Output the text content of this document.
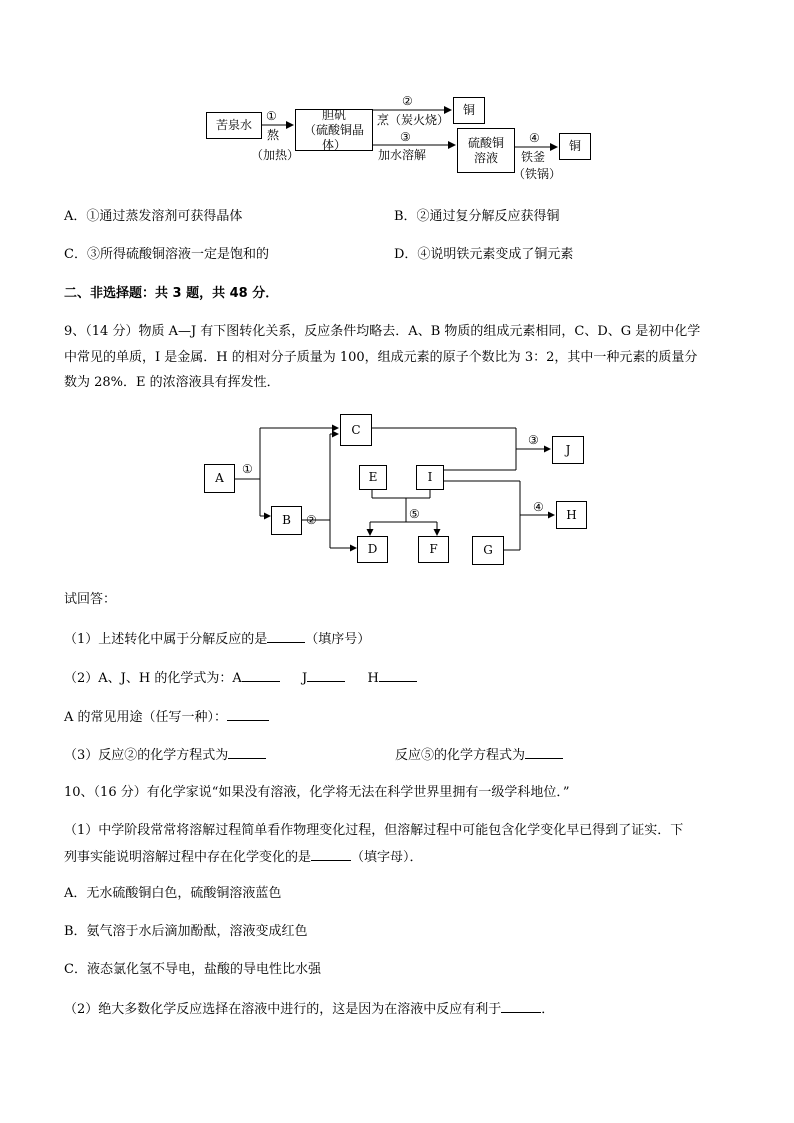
苦泉水
胆矾
（硫酸铜晶体）
铜
硫酸铜
溶液
铜
①
熬
（加热）
②
烹（炭火烧）
③
加水溶解
④
铁釜
（铁锅）
A．①通过蒸发溶剂可获得晶体	B．②通过复分解反应获得铜
C．③所得硫酸铜溶液一定是饱和的	D．④说明铁元素变成了铜元素
二、非选择题：共 3 题，共 48 分．
9、（14 分）物质 A—J 有下图转化关系，反应条件均略去．A、B 物质的组成元素相同，C、D、G 是初中化学
中常见的单质，I 是金属．H 的相对分子质量为 100，组成元素的原子个数比为 3：2，其中一种元素的质量分
数为 28%．E 的浓溶液具有挥发性．
A
B
C
D
E
F	G
H
I
J
①
②
③
④
⑤
试回答：
（1）上述转化中属于分解反应的是	（填序号）
（2）A、J、H 的化学式为：A	J	H
A 的常见用途（任写一种）：
（3）反应②的化学方程式为	反应⑤的化学方程式为
10、（16 分）有化学家说“如果没有溶液，化学将无法在科学世界里拥有一级学科地位．”
（1）中学阶段常常将溶解过程简单看作物理变化过程，但溶解过程中可能包含化学变化早已得到了证实．下
列事实能说明溶解过程中存在化学变化的是	（填字母）．
A．无水硫酸铜白色，硫酸铜溶液蓝色
B．氨气溶于水后滴加酚酞，溶液变成红色
C．液态氯化氢不导电，盐酸的导电性比水强
（2）绝大多数化学反应选择在溶液中进行的，这是因为在溶液中反应有利于	．
